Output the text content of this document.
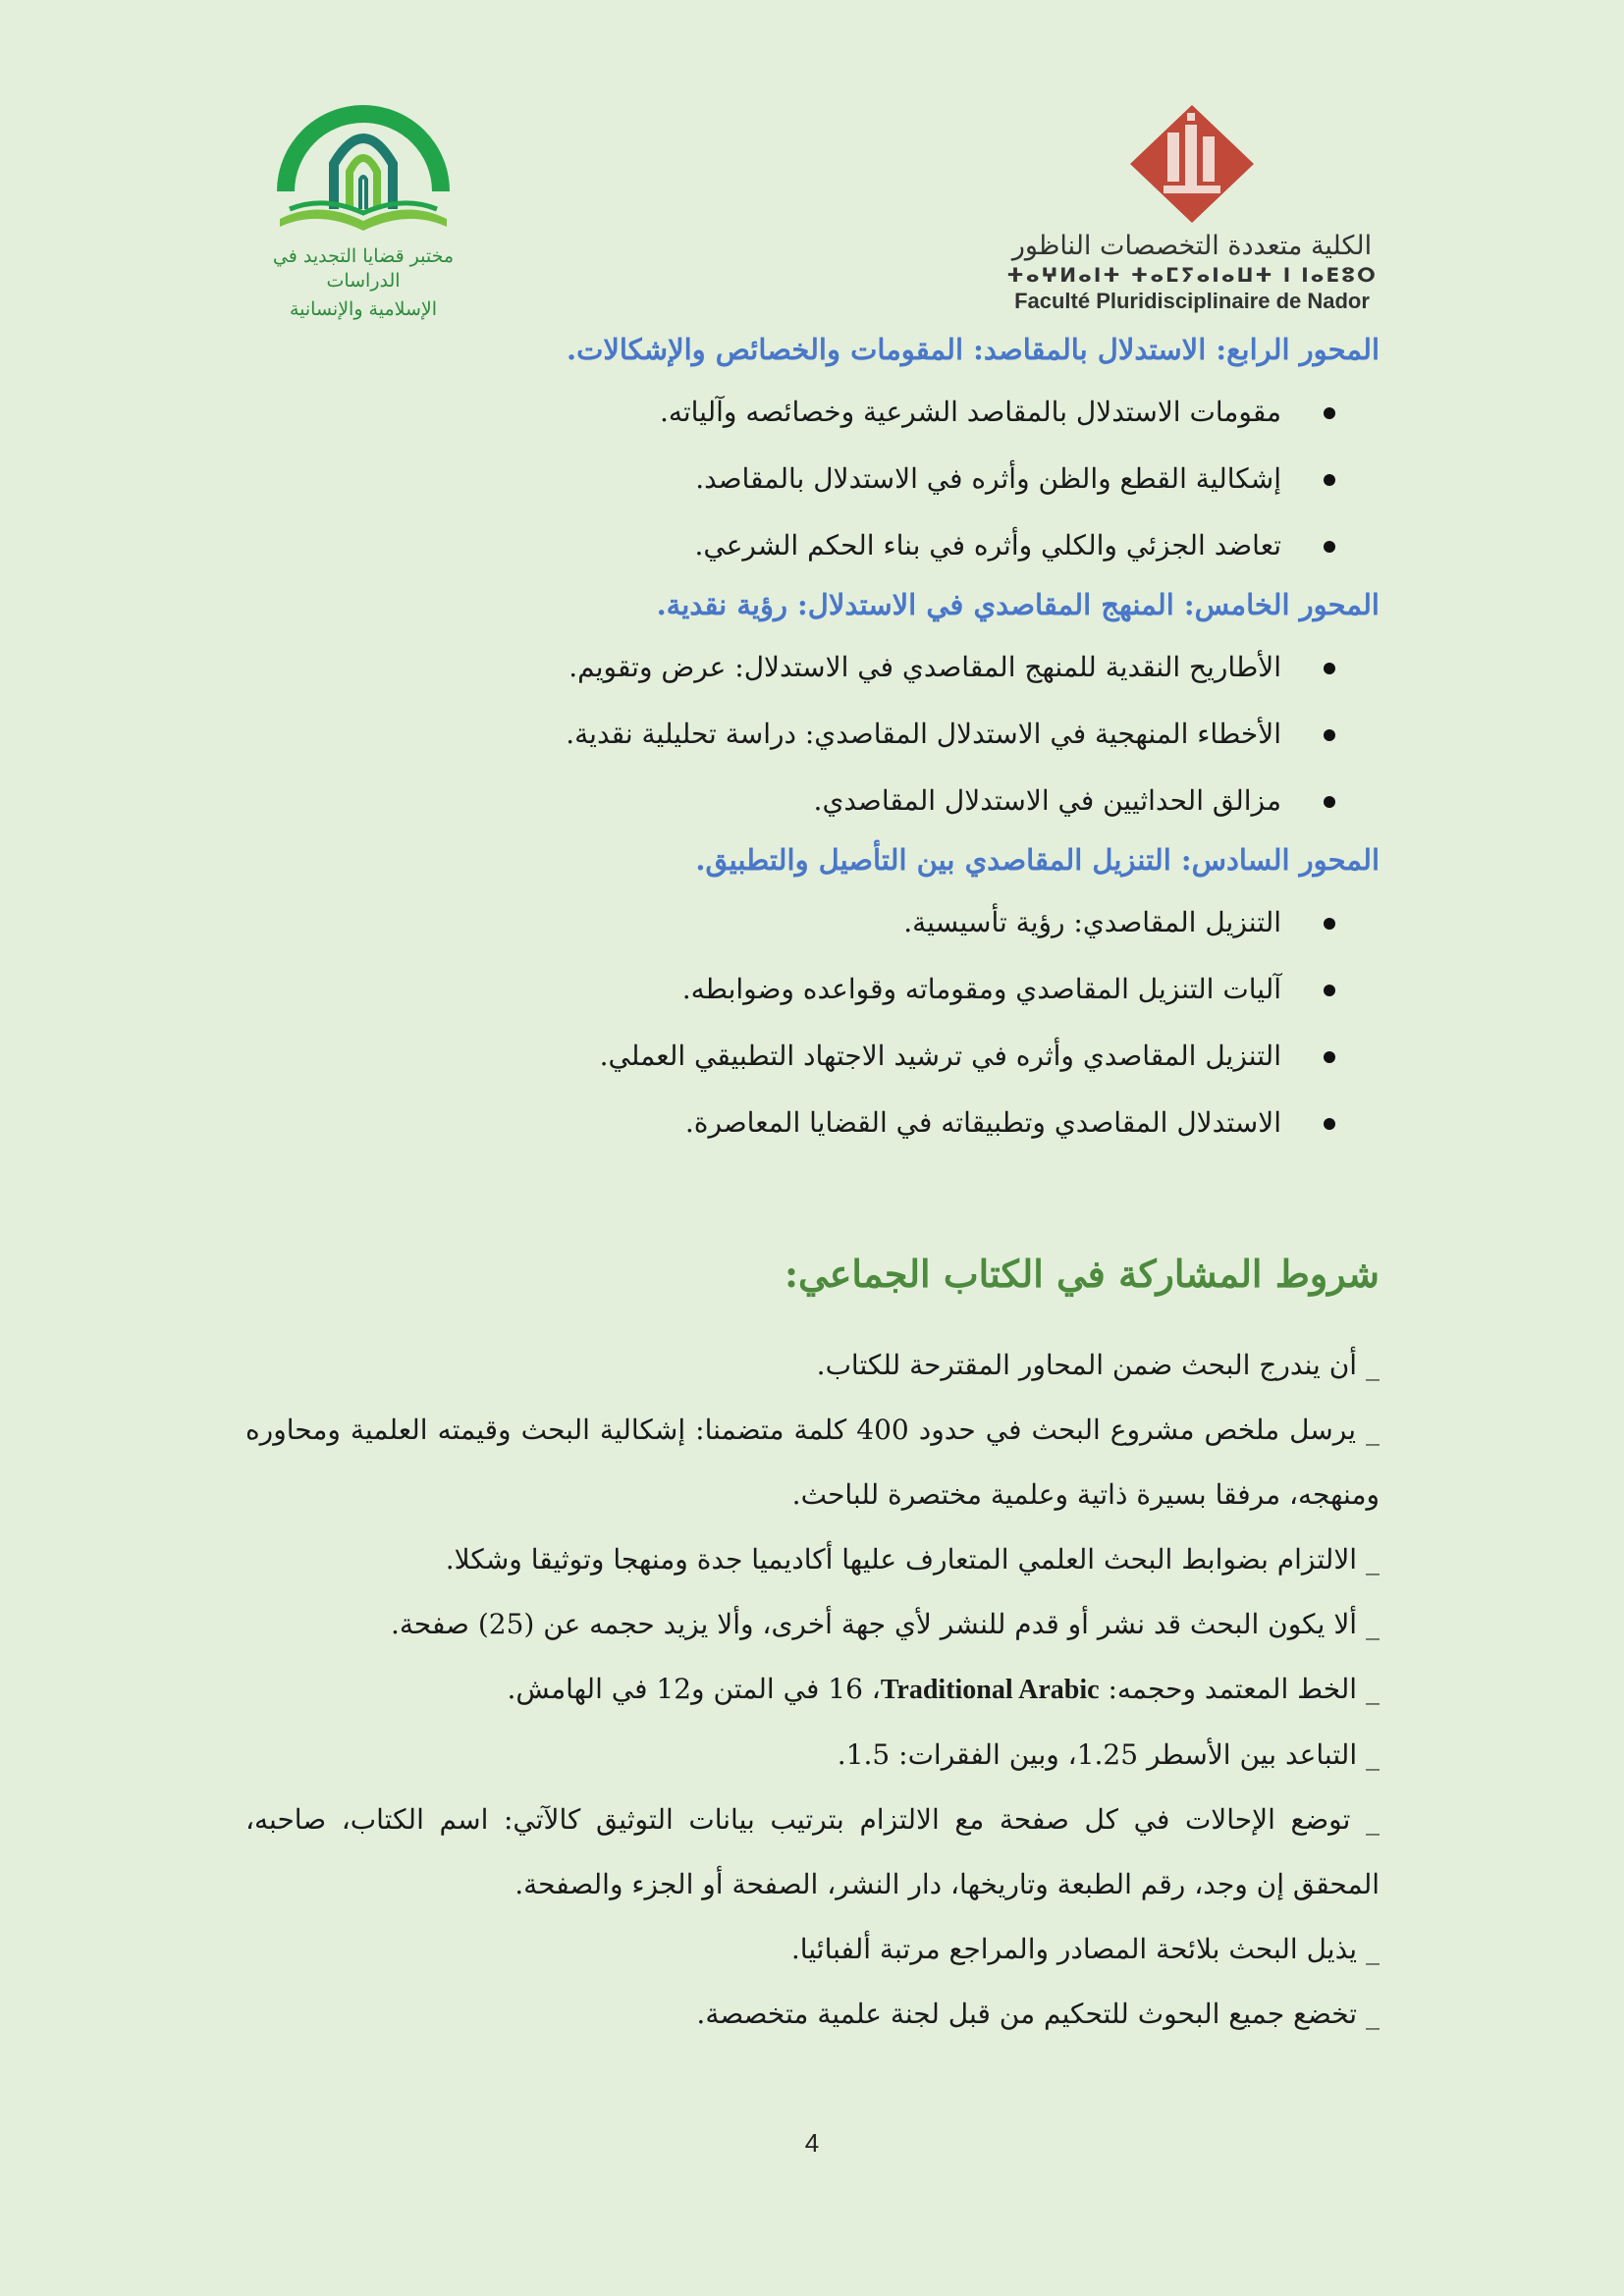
مختبر قضايا التجديد في الدراسات
الإسلامية والإنسانية
الكلية متعددة التخصصات الناظور
ⵜⴰⵖⵍⴰⵏⵜ ⵜⴰⵎⵢⴰⵏⴰⵡⵜ ⵏ ⵏⴰⴹⵓⵔ
Faculté Pluridisciplinaire de Nador
المحور الرابع: الاستدلال بالمقاصد: المقومات والخصائص والإشكالات.
مقومات الاستدلال بالمقاصد الشرعية وخصائصه وآلياته.
إشكالية القطع والظن وأثره في الاستدلال بالمقاصد.
تعاضد الجزئي والكلي وأثره في بناء الحكم الشرعي.
المحور الخامس: المنهج المقاصدي في الاستدلال: رؤية نقدية.
الأطاريح النقدية للمنهج المقاصدي في الاستدلال: عرض وتقويم.
الأخطاء المنهجية في الاستدلال المقاصدي: دراسة تحليلية نقدية.
مزالق الحداثيين في الاستدلال المقاصدي.
المحور السادس: التنزيل المقاصدي بين التأصيل والتطبيق.
التنزيل المقاصدي: رؤية تأسيسية.
آليات التنزيل المقاصدي ومقوماته وقواعده وضوابطه.
التنزيل المقاصدي وأثره في ترشيد الاجتهاد التطبيقي العملي.
الاستدلال المقاصدي وتطبيقاته في القضايا المعاصرة.
شروط المشاركة في الكتاب الجماعي:

_ أن يندرج البحث ضمن المحاور المقترحة للكتاب.

_ يرسل ملخص مشروع البحث في حدود 400 كلمة متضمنا: إشكالية البحث وقيمته العلمية ومحاوره ومنهجه، مرفقا بسيرة ذاتية وعلمية مختصرة للباحث.

_ الالتزام بضوابط البحث العلمي المتعارف عليها أكاديميا جدة ومنهجا وتوثيقا وشكلا.

_ ألا يكون البحث قد نشر أو قدم للنشر لأي جهة أخرى، وألا يزيد حجمه عن (25) صفحة.

_ الخط المعتمد وحجمه: Traditional Arabic، 16 في المتن و12 في الهامش.

_ التباعد بين الأسطر 1.25، وبين الفقرات: 1.5.

_ توضع الإحالات في كل صفحة مع الالتزام بترتيب بيانات التوثيق كالآتي: اسم الكتاب، صاحبه، المحقق إن وجد، رقم الطبعة وتاريخها، دار النشر، الصفحة أو الجزء والصفحة.

_ يذيل البحث بلائحة المصادر والمراجع مرتبة ألفبائيا.

_ تخضع جميع البحوث للتحكيم من قبل لجنة علمية متخصصة.

4
